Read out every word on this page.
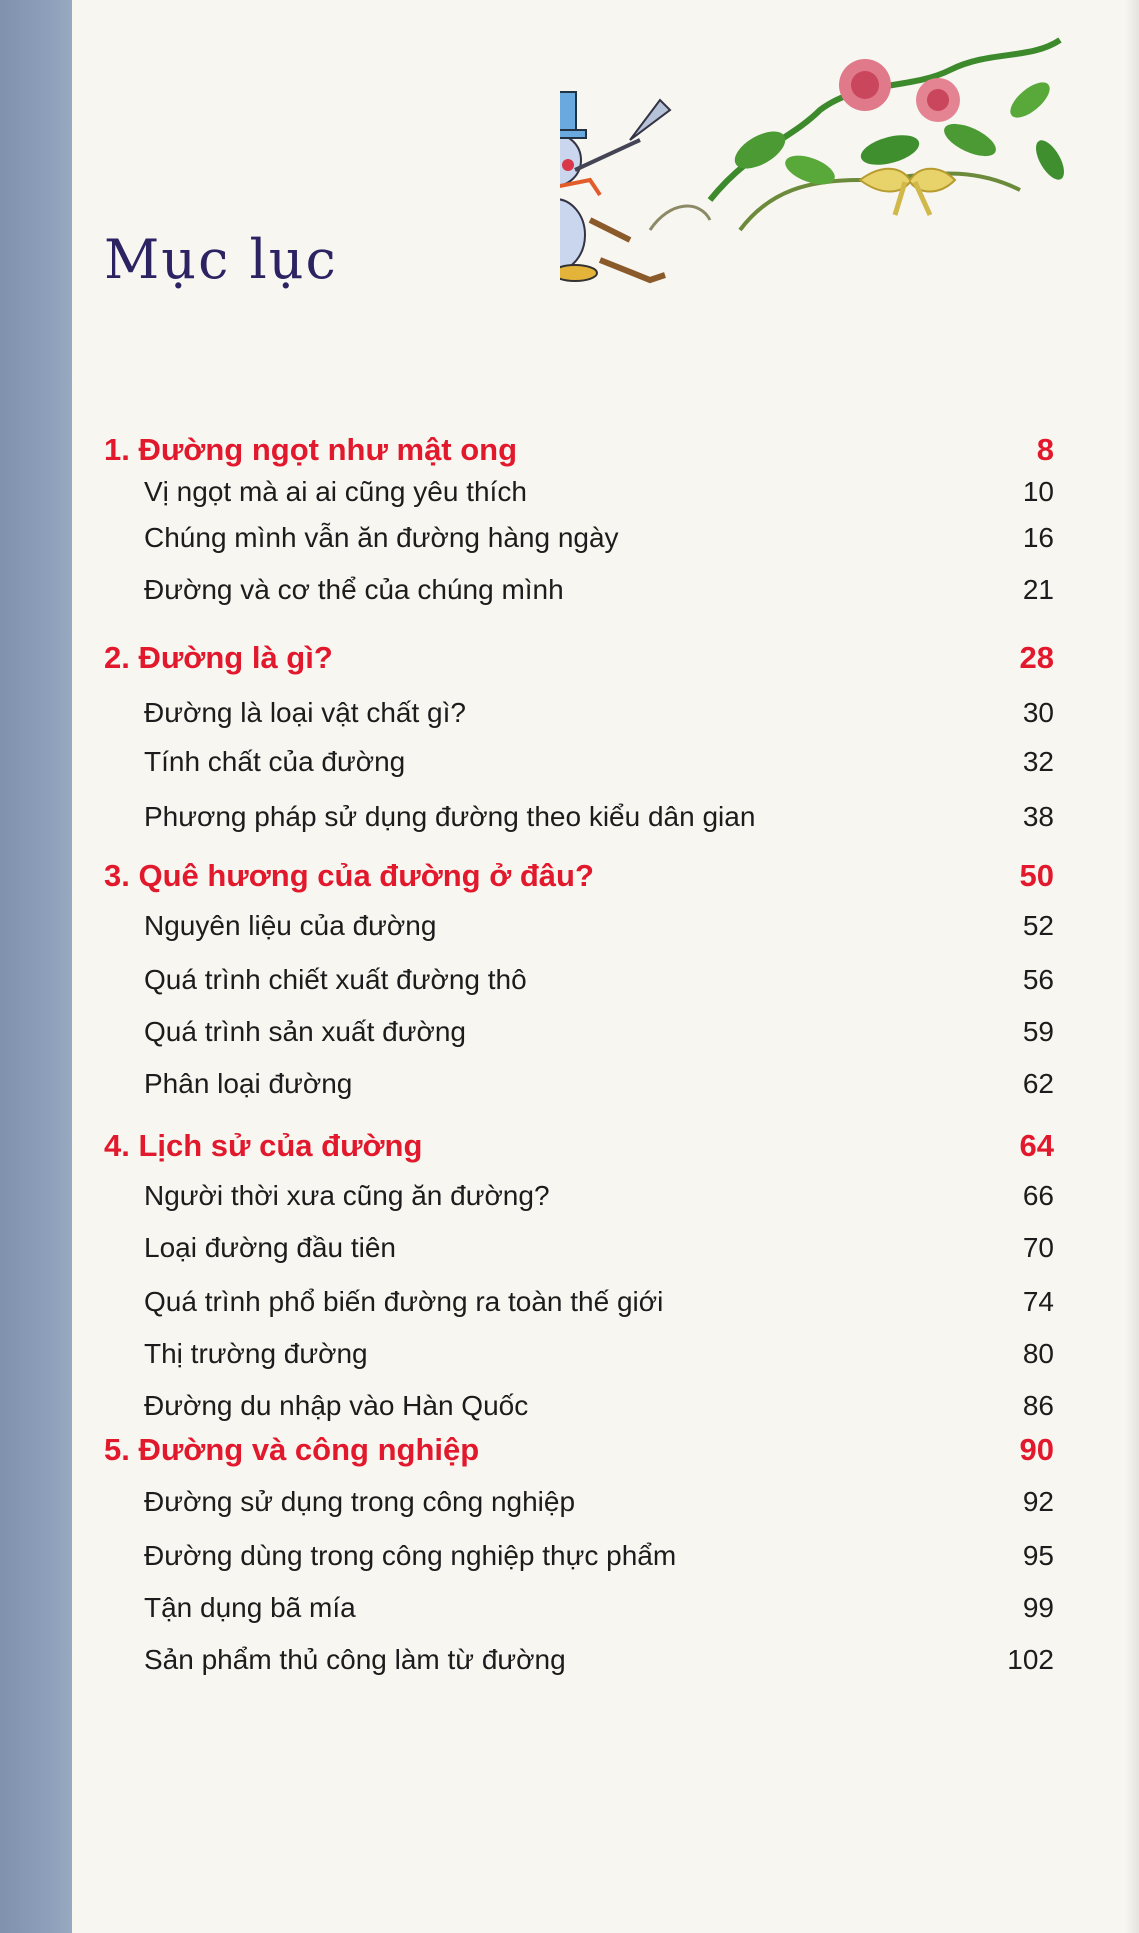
Mục lục
1. Đường ngọt như mật ong	8
Vị ngọt mà ai ai cũng yêu thích	10
Chúng mình vẫn ăn đường hàng ngày	16
Đường và cơ thể của chúng mình	21
2. Đường là gì?	28
Đường là loại vật chất gì?	30
Tính chất của đường	32
Phương pháp sử dụng đường theo kiểu dân gian	38
3. Quê hương của đường ở đâu?	50
Nguyên liệu của đường	52
Quá trình chiết xuất đường thô	56
Quá trình sản xuất đường	59
Phân loại đường	62
4. Lịch sử của đường	64
Người thời xưa cũng ăn đường?	66
Loại đường đầu tiên	70
Quá trình phổ biến đường ra toàn thế giới	74
Thị trường đường	80
Đường du nhập vào Hàn Quốc	86
5. Đường và công nghiệp	90
Đường sử dụng trong công nghiệp	92
Đường dùng trong công nghiệp thực phẩm	95
Tận dụng bã mía	99
Sản phẩm thủ công làm từ đường	102
